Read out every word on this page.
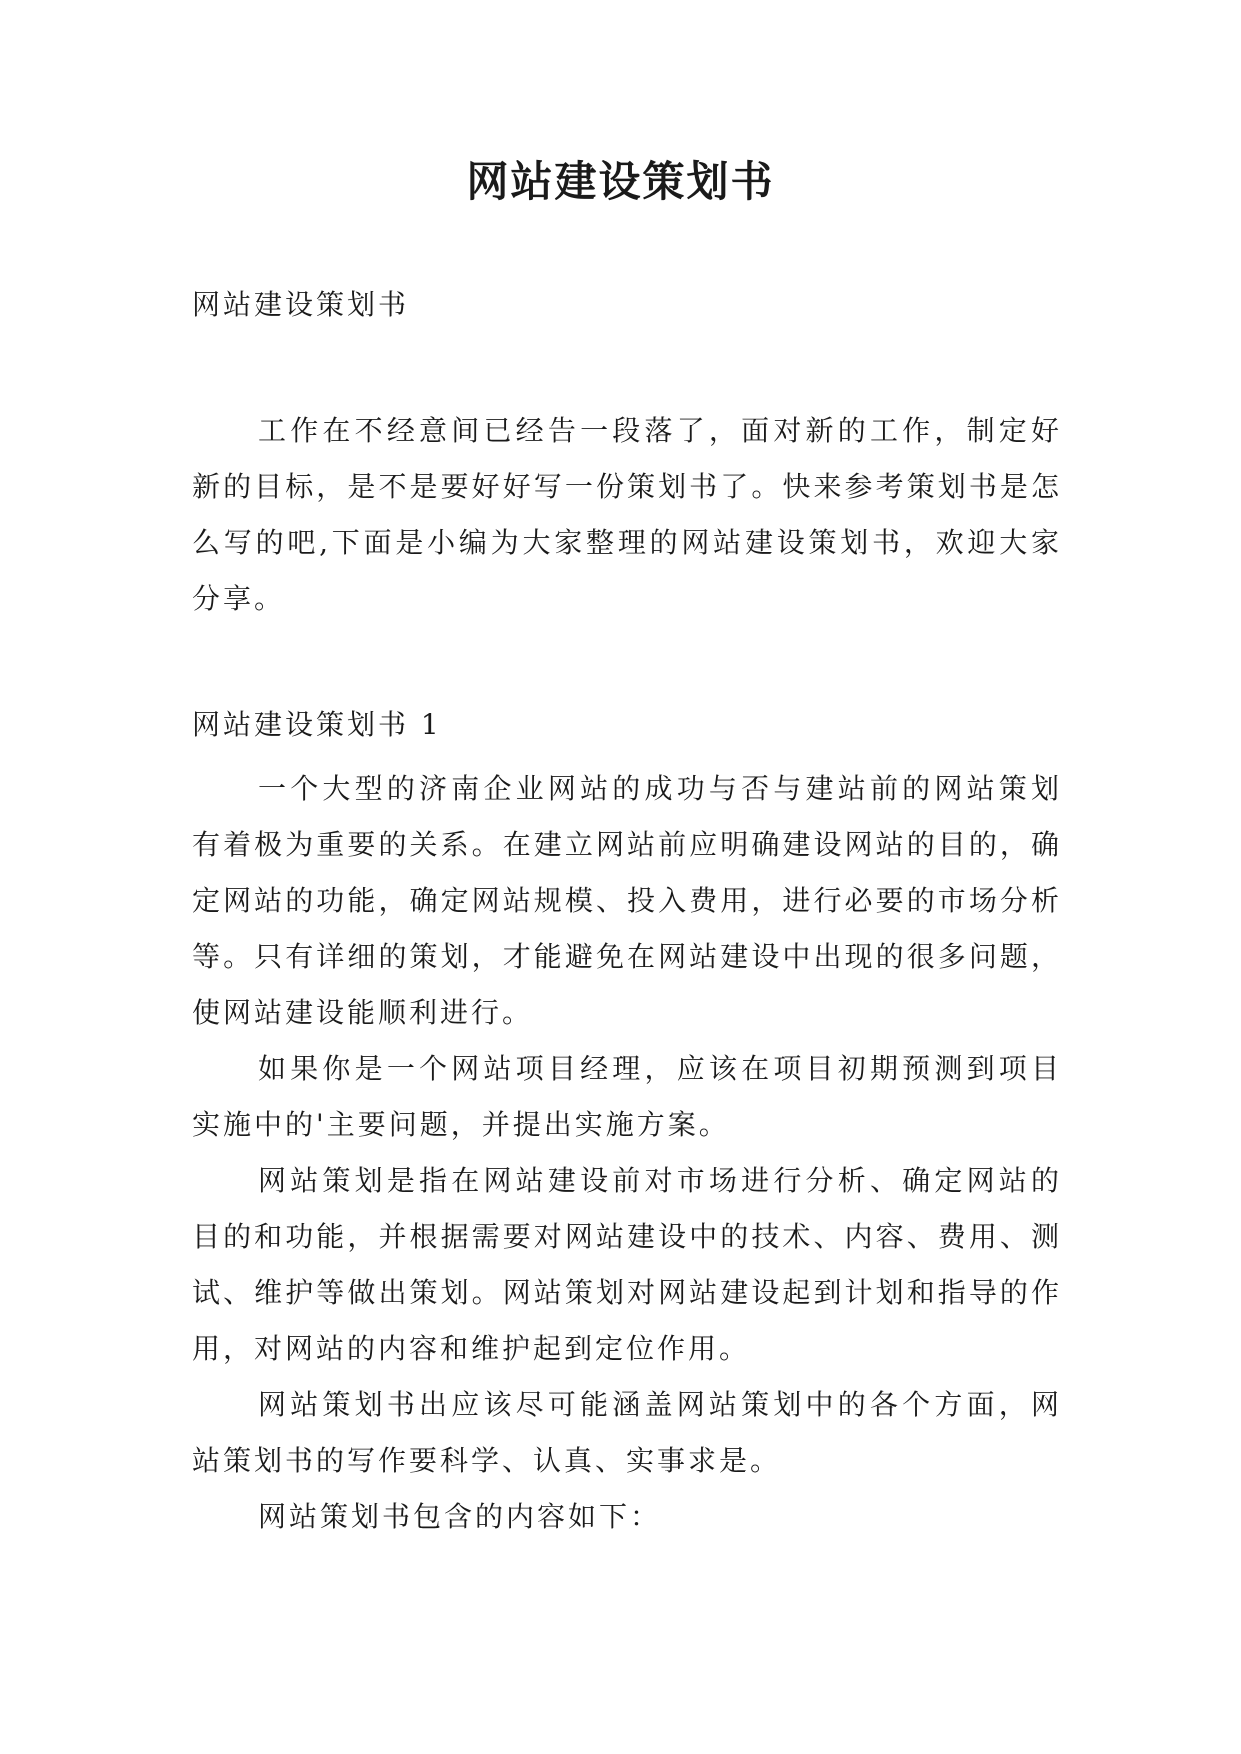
网站建设策划书

网站建设策划书

工作在不经意间已经告一段落了，面对新的工作，制定好新的目标，是不是要好好写一份策划书了。快来参考策划书是怎么写的吧,下面是小编为大家整理的网站建设策划书，欢迎大家分享。

网站建设策划书 1

一个大型的济南企业网站的成功与否与建站前的网站策划有着极为重要的关系。在建立网站前应明确建设网站的目的，确定网站的功能，确定网站规模、投入费用，进行必要的市场分析等。只有详细的策划，才能避免在网站建设中出现的很多问题，使网站建设能顺利进行。

如果你是一个网站项目经理，应该在项目初期预测到项目实施中的'主要问题，并提出实施方案。

网站策划是指在网站建设前对市场进行分析、确定网站的目的和功能，并根据需要对网站建设中的技术、内容、费用、测试、维护等做出策划。网站策划对网站建设起到计划和指导的作用，对网站的内容和维护起到定位作用。

网站策划书出应该尽可能涵盖网站策划中的各个方面，网站策划书的写作要科学、认真、实事求是。

网站策划书包含的内容如下：
